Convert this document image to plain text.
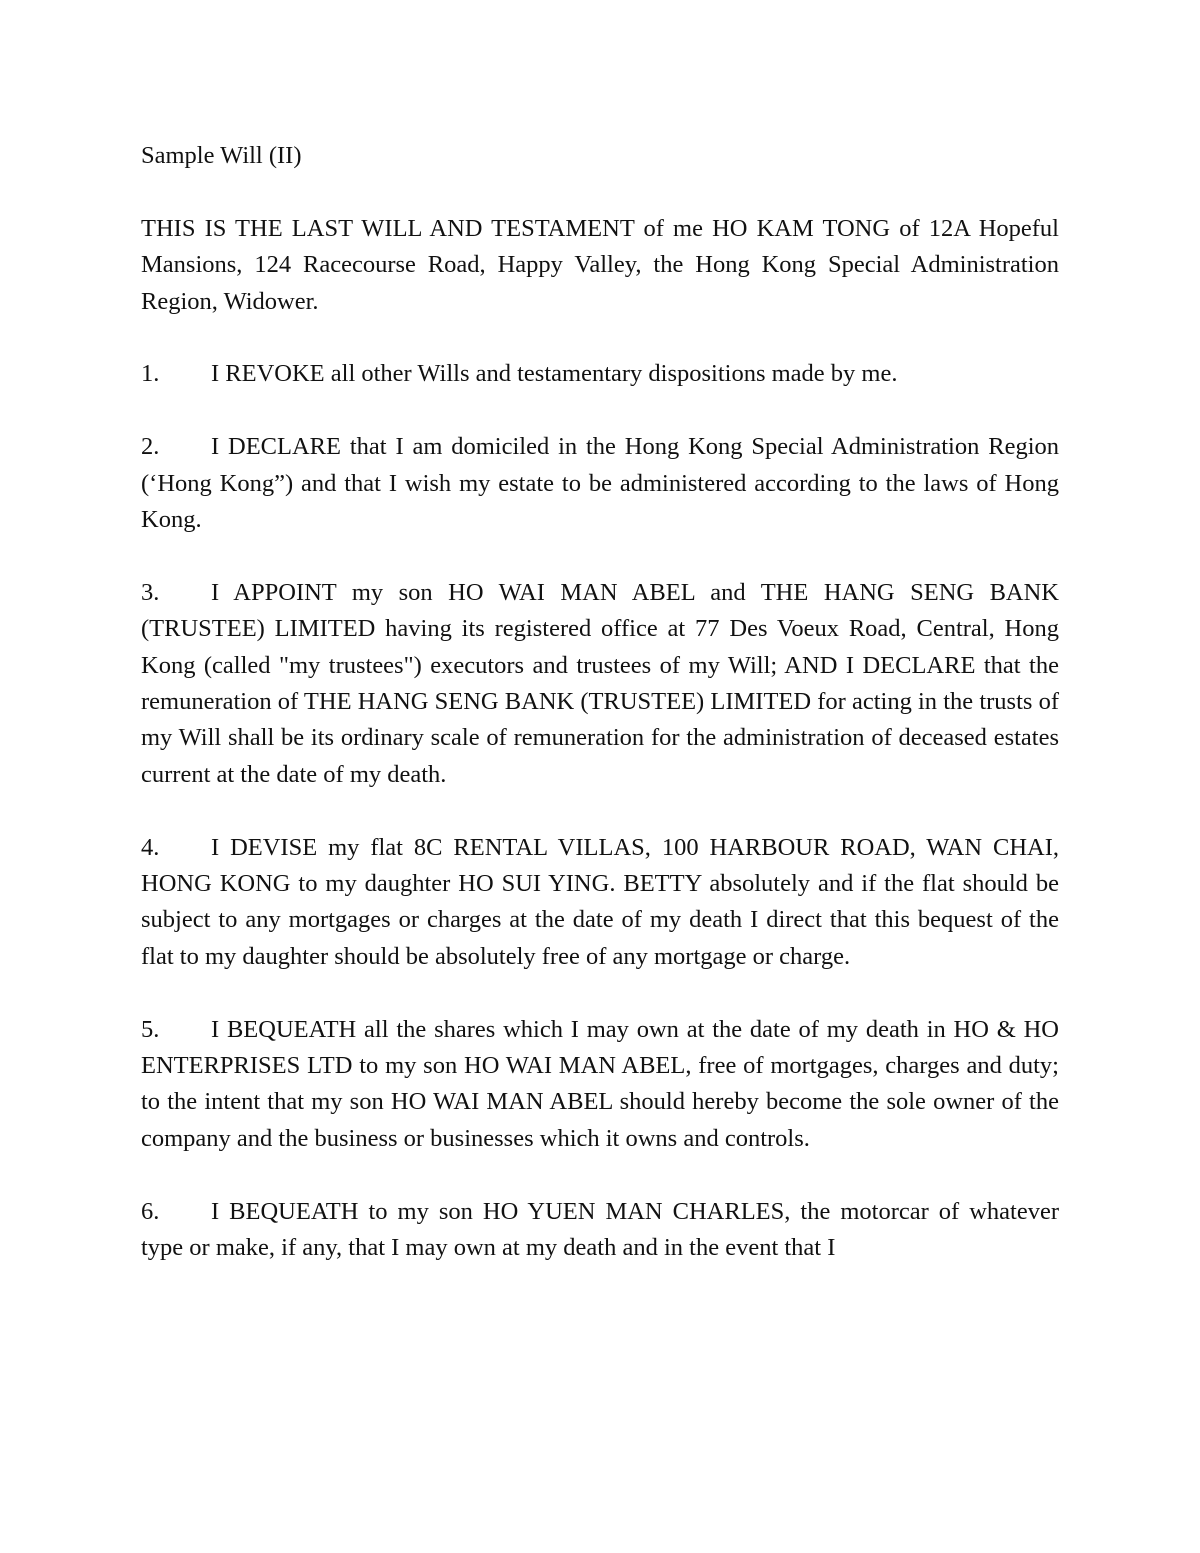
Sample Will (II)
THIS IS THE LAST WILL AND TESTAMENT of me HO KAM TONG of 12A Hopeful Mansions, 124 Racecourse Road, Happy Valley, the Hong Kong Special Administration Region, Widower.
1. I REVOKE all other Wills and testamentary dispositions made by me.
2. I DECLARE that I am domiciled in the Hong Kong Special Administration Region (‘Hong Kong”) and that I wish my estate to be administered according to the laws of Hong Kong.
3. I APPOINT my son HO WAI MAN ABEL and THE HANG SENG BANK (TRUSTEE) LIMITED having its registered office at 77 Des Voeux Road, Central, Hong Kong (called "my trustees") executors and trustees of my Will; AND I DECLARE that the remuneration of THE HANG SENG BANK (TRUSTEE) LIMITED for acting in the trusts of my Will shall be its ordinary scale of remuneration for the administration of deceased estates current at the date of my death.
4. I DEVISE my flat 8C RENTAL VILLAS, 100 HARBOUR ROAD, WAN CHAI, HONG KONG to my daughter HO SUI YING. BETTY absolutely and if the flat should be subject to any mortgages or charges at the date of my death I direct that this bequest of the flat to my daughter should be absolutely free of any mortgage or charge.
5. I BEQUEATH all the shares which I may own at the date of my death in HO & HO ENTERPRISES LTD to my son HO WAI MAN ABEL, free of mortgages, charges and duty; to the intent that my son HO WAI MAN ABEL should hereby become the sole owner of the company and the business or businesses which it owns and controls.
6. I BEQUEATH to my son HO YUEN MAN CHARLES, the motorcar of whatever type or make, if any, that I may own at my death and in the event that I
